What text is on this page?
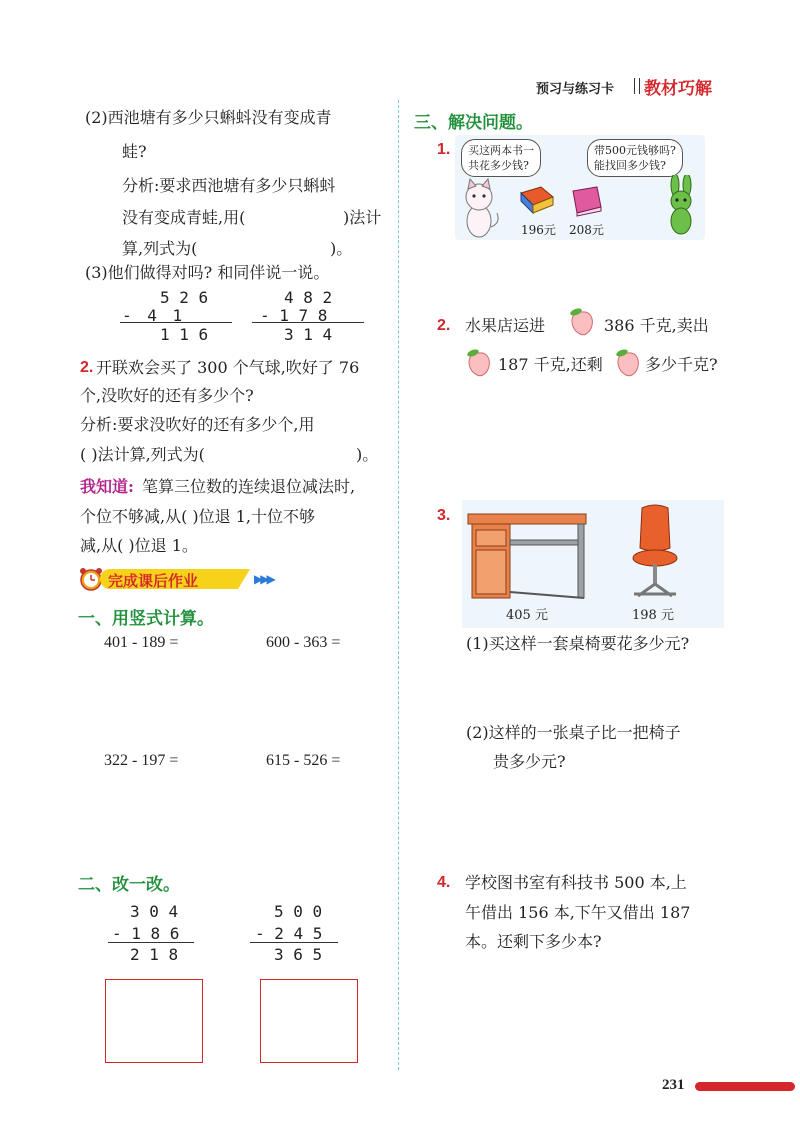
预习与练习卡 教材巧解
(2)西池塘有多少只蝌蚪没有变成青
蛙?
分析:要求西池塘有多少只蝌蚪
没有变成青蛙,用(	)法计
算,列式为(	)。
(3)他们做得对吗? 和同伴说一说。
5 2 6
- 4 1
1 1 6
4 8 2
- 1 7 8
3 1 4
2. 开联欢会买了 300 个气球,吹好了 76
个,没吹好的还有多少个?
分析:要求没吹好的还有多少个,用
( )法计算,列式为(	)。
我知道: 笔算三位数的连续退位减法时,
个位不够减,从( )位退 1,十位不够
减,从( )位退 1。
完成课后作业	▶▶▶
一、用竖式计算。
401 - 189 =	600 - 363 =
322 - 197 =	615 - 526 =
二、改一改。
3 0 4
- 1 8 6
2 1 8
5 0 0
- 2 4 5
3 6 5
三、解决问题。
1. 买这两本书一
共花多少钱?
带500元钱够吗?
能找回多少钱?
196元 208元
2. 水果店运进	386 千克,卖出
187 千克,还剩	多少千克?
3.
405 元	198 元
(1)买这样一套桌椅要花多少元?
(2)这样的一张桌子比一把椅子
贵多少元?
4. 学校图书室有科技书 500 本,上
午借出 156 本,下午又借出 187
本。还剩下多少本?
231
